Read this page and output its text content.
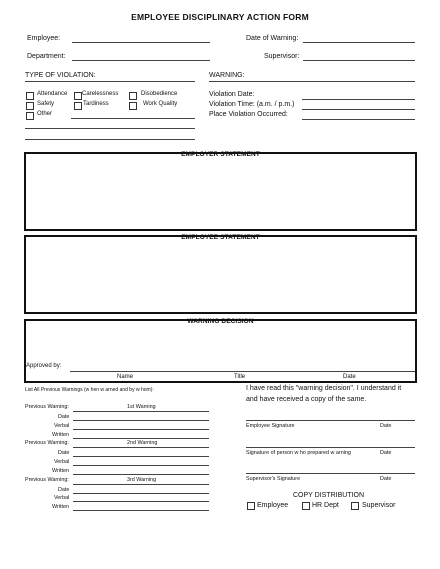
EMPLOYEE DISCIPLINARY ACTION FORM
Employee:	Date of Warning:
Department:	Supervisor:
TYPE OF VIOLATION:
Attendance Carelessness	Disobedience
Safety	Tardiness	Work Quality
Other
WARNING:
Violation Date:
Violation Time: (a.m. / p.m.)
Place Violation Occurred:
EMPLOYER STATEMENT
EMPLOYEE STATEMENT
WARNING DECISION
Approved by:
Name	Title	Date
List All Previous Warnings (w hen w arned and by w hom):
Previous Warning:	1st Warning
Date
Verbal
Written
Previous Warning:	2nd Warning
Date
Verbal
Written
Previous Warning:	3rd Warning
Date
Verbal
Written
I have read this "warning decision". I understand it
and have received a copy of the same.
Employee Signature	Date
Signature of person w ho prepared w arning	Date
Supervisor's Signature	Date
COPY DISTRIBUTION
Employee	HR Dept	Supervisor
